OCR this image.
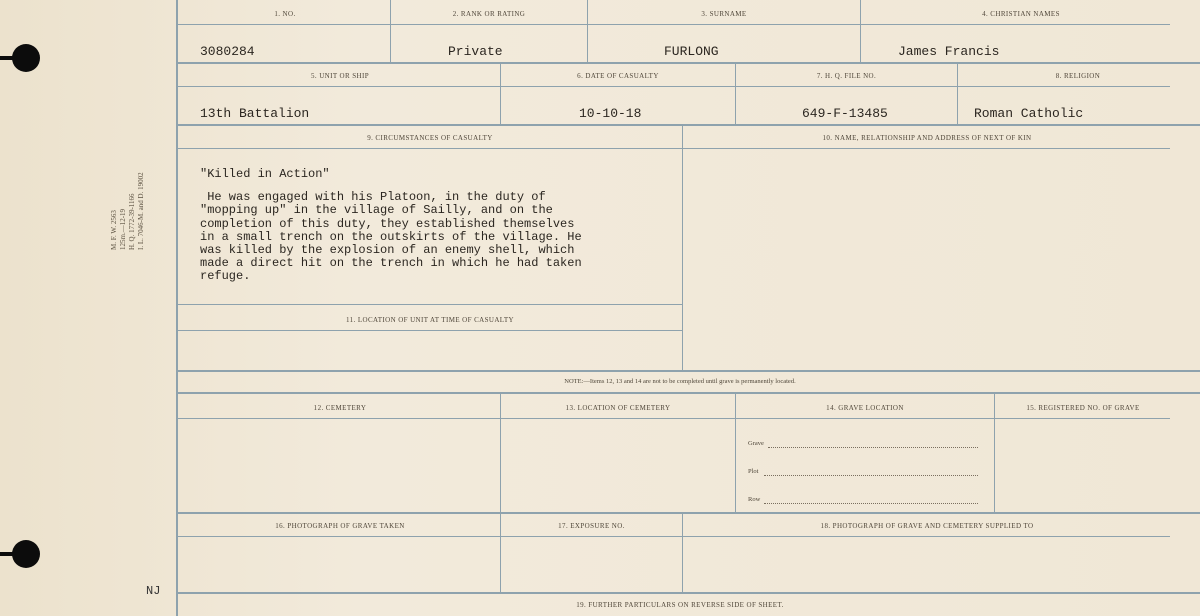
M. F. W. 2563 125m.—12-19 H. Q. 1772-39-1166 I. L. 7046-M. and D. 19002
NJ
1. NO.	2. RANK OR RATING	3. SURNAME	4. CHRISTIAN NAMES
3080284	Private	FURLONG	James Francis
5. UNIT OR SHIP	6. DATE OF CASUALTY	7. H. Q. FILE NO.	8. RELIGION
13th Battalion	10-10-18	649-F-13485	Roman Catholic
9. CIRCUMSTANCES OF CASUALTY	10. NAME, RELATIONSHIP AND ADDRESS OF NEXT OF KIN

"Killed in Action"

He was engaged with his Platoon, in the duty of

"mopping up" in the village of Sailly, and on the

completion of this duty, they established themselves

in a small trench on the outskirts of the village. He

was killed by the explosion of an enemy shell, which

made a direct hit on the trench in which he had taken

refuge.

11. LOCATION OF UNIT AT TIME OF CASUALTY
NOTE:—Items 12, 13 and 14 are not to be completed until grave is permanently located.
12. CEMETERY	13. LOCATION OF CEMETERY	14. GRAVE LOCATION	15. REGISTERED NO. OF GRAVE
Grave
Plot
Row
16. PHOTOGRAPH OF GRAVE TAKEN	17. EXPOSURE NO.	18. PHOTOGRAPH OF GRAVE AND CEMETERY SUPPLIED TO
19. FURTHER PARTICULARS ON REVERSE SIDE OF SHEET.
